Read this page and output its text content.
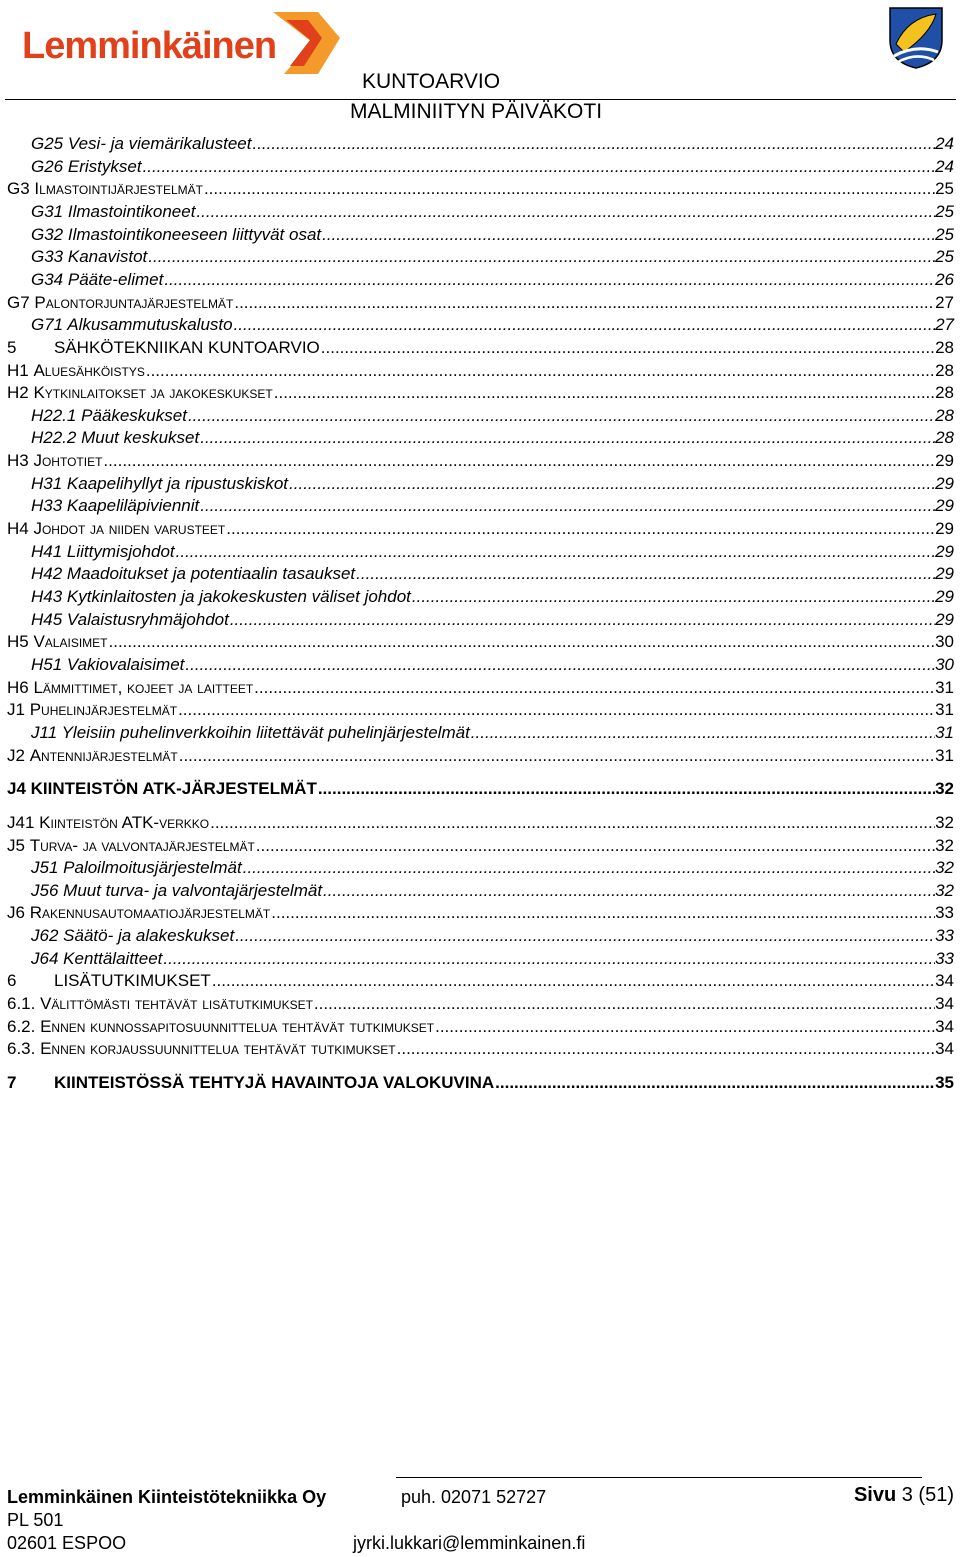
Lemminkäinen
KUNTOARVIO
MALMINIITYN PÄIVÄKOTI
G25 Vesi- ja viemärikalusteet .....	24
G26 Eristykset .....	24
G3 Ilmastointijärjestelmät .....	25
G31 Ilmastointikoneet .....	25
G32 Ilmastointikoneeseen liittyvät osat .....	25
G33 Kanavistot .....	25
G34 Pääte-elimet .....	26
G7 Palontorjuntajärjestelmät .....	27
G71 Alkusammutuskalusto .....	27
5 SÄHKÖTEKNIIKAN KUNTOARVIO .....	28
H1 Aluesähköistys .....	28
H2 Kytkinlaitokset ja jakokeskukset .....	28
H22.1 Pääkeskukset .....	28
H22.2 Muut keskukset .....	28
H3 Johtotiet .....	29
H31 Kaapelihyllyt ja ripustuskiskot .....	29
H33 Kaapeliläpiviennit .....	29
H4 Johdot ja niiden varusteet .....	29
H41 Liittymisjohdot .....	29
H42 Maadoitukset ja potentiaalin tasaukset .....	29
H43 Kytkinlaitosten ja jakokeskusten väliset johdot .....	29
H45 Valaistusryhmäjohdot .....	29
H5 Valaisimet .....	30
H51 Vakiovalaisimet .....	30
H6 Lämmittimet, kojeet ja laitteet .....	31
J1 Puhelinjärjestelmät .....	31
J11 Yleisiin puhelinverkkoihin liitettävät puhelinjärjestelmät .....	31
J2 Antennijärjestelmät .....	31
J4 KIINTEISTÖN ATK-JÄRJESTELMÄT .....	32
J41 Kiinteistön ATK-verkko .....	32
J5 Turva- ja valvontajärjestelmät .....	32
J51 Paloilmoitusjärjestelmät .....	32
J56 Muut turva- ja valvontajärjestelmät .....	32
J6 Rakennusautomaatiojärjestelmät .....	33
J62 Säätö- ja alakeskukset .....	33
J64 Kenttälaitteet .....	33
6 LISÄTUTKIMUKSET .....	34
6.1. Välittömästi tehtävät lisätutkimukset .....	34
6.2. Ennen kunnossapitosuunnittelua tehtävät tutkimukset .....	34
6.3. Ennen korjaussuunnittelua tehtävät tutkimukset .....	34
7 KIINTEISTÖSSÄ TEHTYJÄ HAVAINTOJA VALOKUVINA .....	35
Lemminkäinen Kiinteistötekniikka Oy
PL 501
02601 ESPOO
puh. 02071 52727
jyrki.lukkari@lemminkainen.fi
Sivu 3 (51)
